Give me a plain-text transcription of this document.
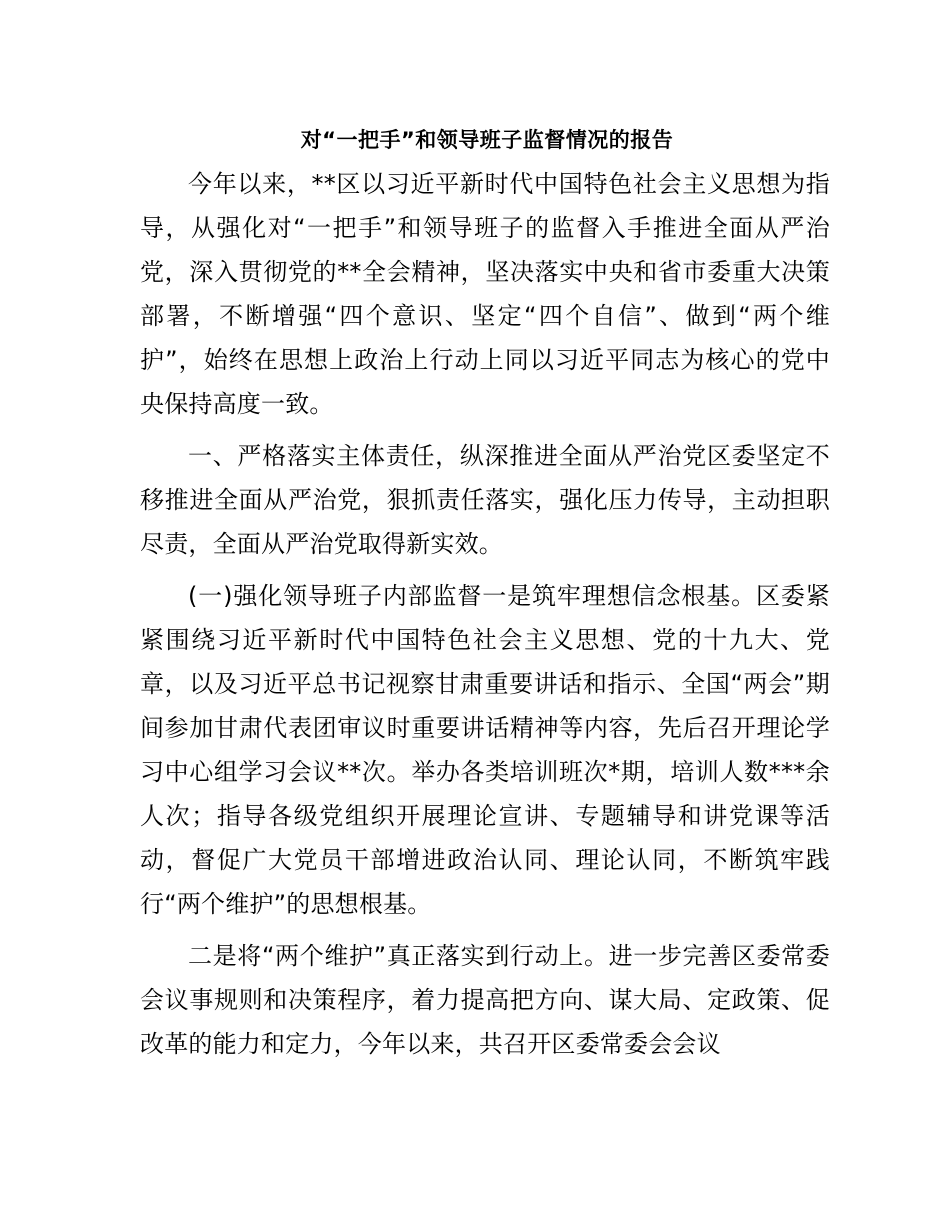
对“一把手”和领导班子监督情况的报告

今年以来，**区以习近平新时代中国特色社会主义思想为指导，从强化对“一把手”和领导班子的监督入手推进全面从严治党，深入贯彻党的**全会精神，坚决落实中央和省市委重大决策部署，不断增强“四个意识、坚定“四个自信”、做到“两个维护”，始终在思想上政治上行动上同以习近平同志为核心的党中央保持高度一致。

一、严格落实主体责任，纵深推进全面从严治党区委坚定不移推进全面从严治党，狠抓责任落实，强化压力传导，主动担职尽责，全面从严治党取得新实效。

(一)强化领导班子内部监督一是筑牢理想信念根基。区委紧紧围绕习近平新时代中国特色社会主义思想、党的十九大、党章，以及习近平总书记视察甘肃重要讲话和指示、全国“两会”期间参加甘肃代表团审议时重要讲话精神等内容，先后召开理论学习中心组学习会议**次。举办各类培训班次*期，培训人数***余人次；指导各级党组织开展理论宣讲、专题辅导和讲党课等活动，督促广大党员干部增进政治认同、理论认同，不断筑牢践行“两个维护”的思想根基。

二是将“两个维护”真正落实到行动上。进一步完善区委常委会议事规则和决策程序，着力提高把方向、谋大局、定政策、促改革的能力和定力，今年以来，共召开区委常委会会议
